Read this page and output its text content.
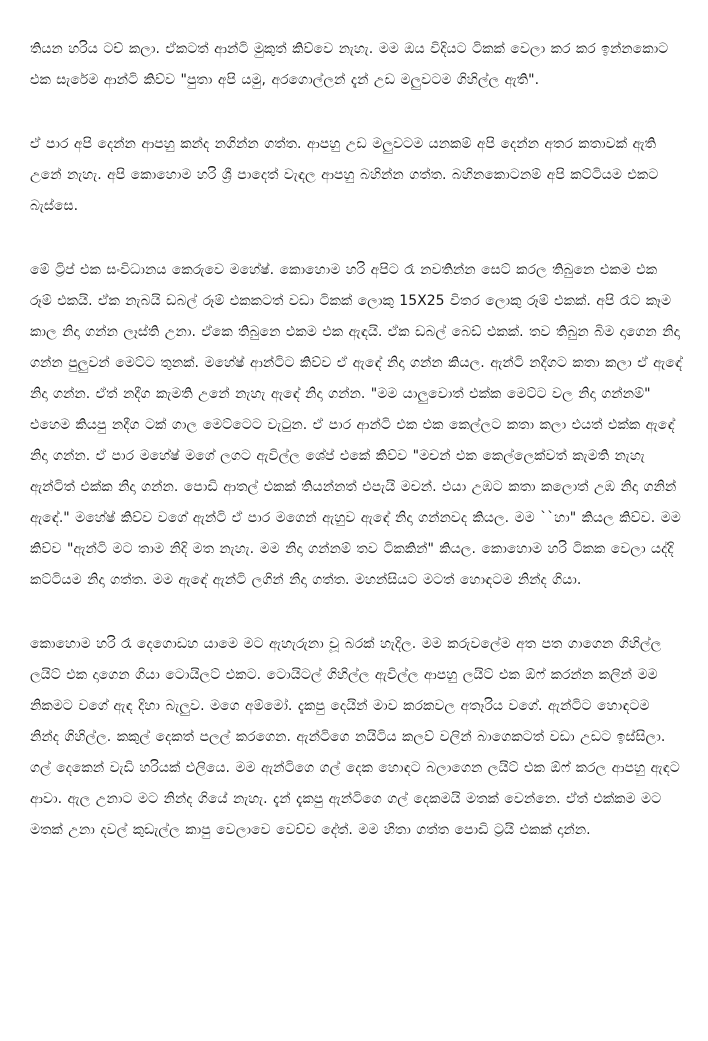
තියන හරිය ටච් කලා. ඒකටත් ආන්ටි මුකුත් කිව්වෙ නැහැ. මම ඔය විදියට ටිකක් වෙලා කර කර ඉන්නකොට එක සැරේම ආන්ටි කිව්ව "පුතා අපි යමු, අරගොල්ලන් දැන් උඩ මලුවටම ගිහිල්ල ඇති".

ඒ පාර අපි දෙන්න ආපහු කන්ද නගින්න ගත්ත. ආපහු උඩ මලුවටම යනකම් අපි දෙන්න අතර කතාවක් ඇති උනේ නැහැ. අපි කොහොම හරි ශ්‍රී පාදෙත් වැඳල ආපහු බහින්න ගත්ත. බහිනකොටනම් අපි කට්ටියම එකට බැස්සෙ.

මේ ට්‍රිප් එක සංවිධානය කෙරුවෙ මහේෂ්. කොහොම හරි අපිට රෑ නවතින්න සෙට් කරල තිබුනෙ එකම එක රූම් එකයි. ඒක නැබයි ඩබල් රූම් එකකටත් වඩා ටිකක් ලොකු 15X25 විතර ලොකු රූම් එකක්. අපි රෑට කෑම කාල නිදා ගන්න ලෑස්ති උනා. ඒකෙ තිබුනෙ එකම එක ඇඳයි. ඒක ඩබල් බෙඩ් එකක්. තව තිබුන බිම දාගෙන නිදා ගන්න පුලුවන් මෙට්ට තුනක්. මහේෂ් ආන්ටිට කිව්ව ඒ ඇඳේ නිදා ගන්න කියල. ඇන්ටි නදීගට කතා කලා ඒ ඇඳේ නිදා ගන්න. ඒත් නදීග කැමති උනේ නැහැ ඇඳේ නිදා ගන්න. "මම යාලුවොත් එක්ක මෙට්ට වල නිදා ගන්නම්" එහෙම කියපු නදීග ටක් ගාල මෙට්ටෙට වැටුන. ඒ පාර ආන්ටි එක එක කෙල්ලට කතා කලා එයත් එක්ක ඇඳේ නිදා ගන්න. ඒ පාර මහේෂ් මගේ ලගට ඇවිල්ල ශේප් එකේ කිව්ව "මචන් එක කෙල්ලෙක්වත් කැමති නැහැ ඇන්ටිත් එක්ක නිදා ගන්න. පොඩි ආතල් එකක් තියන්නත් එපැයි මචන්. එයා උඹට කතා කලොත් උඹ නිදා ගනින් ඇඳේ." මහේෂ් කිව්ව වගේ ඇන්ටි ඒ පාර මගෙන් ඇහුව ඇඳේ නිදා ගන්නවද කියල. මම ``හා" කියල කිව්ව. මම කිව්ව "ඇන්ටි මට තාම නිදි මත නැහැ. මම නිදා ගන්නම් තව ටිකකින්" කියල. කොහොම හරි ටිකක වෙලා යද්දි කට්ටියම නිදා ගත්ත. මම ඇඳේ ඇන්ටි ලගින් නිදා ගත්ත. මහන්සියට මටත් හොඳටම නින්ද ගියා.

කොහොම හරි රෑ දෙගොඩහ යාමෙ මට ඇහැරුනා චූ බරක් හැදිල. මම කරුවලේම අත පත ගාගෙන ගිහිල්ල ලයිට් එක දාගෙන ගියා ටොයිලට් එකට. ටොයිටල් ගිහිල්ල ඇවිල්ල ආපහු ලයිට් එක ඕෆ් කරන්න කලින් මම නිකමට වගේ ඇඳ දිහා බැලුව. මගෙ අම්මෝ. දැකපු දෙයින් මාව කරකවල අතෑරිය වගේ. ඇන්ටිට හොඳටම නින්ද ගිහිල්ල. කකුල් දෙකත් පලල් කරගෙන. ඇන්ටිගෙ නයිටිය කලව් වලින් බාගෙකටත් වඩා උඩට ඉස්සිලා. ගල් දෙකෙන් වැඩි හරියක් එලියෙ. මම ඇන්ටිගෙ ගල් දෙක හොඳට බලාගෙන ලයිට් එක ඕෆ් කරල ආපහු ඇඳට ආවා. ඇල උනාට මට නින්ද ගියේ නැහැ. දැන් දැකපු ඇන්ටිගෙ ගල් දෙකමයි මතක් වෙන්නෙ. ඒත් එක්කම මට මතක් උනා දවල් කුඩැල්ල කාපු වෙලාවෙ වෙච්ච දේත්. මම හිතා ගත්ත පොඩි ට්‍රයි එකක් දාන්න.
